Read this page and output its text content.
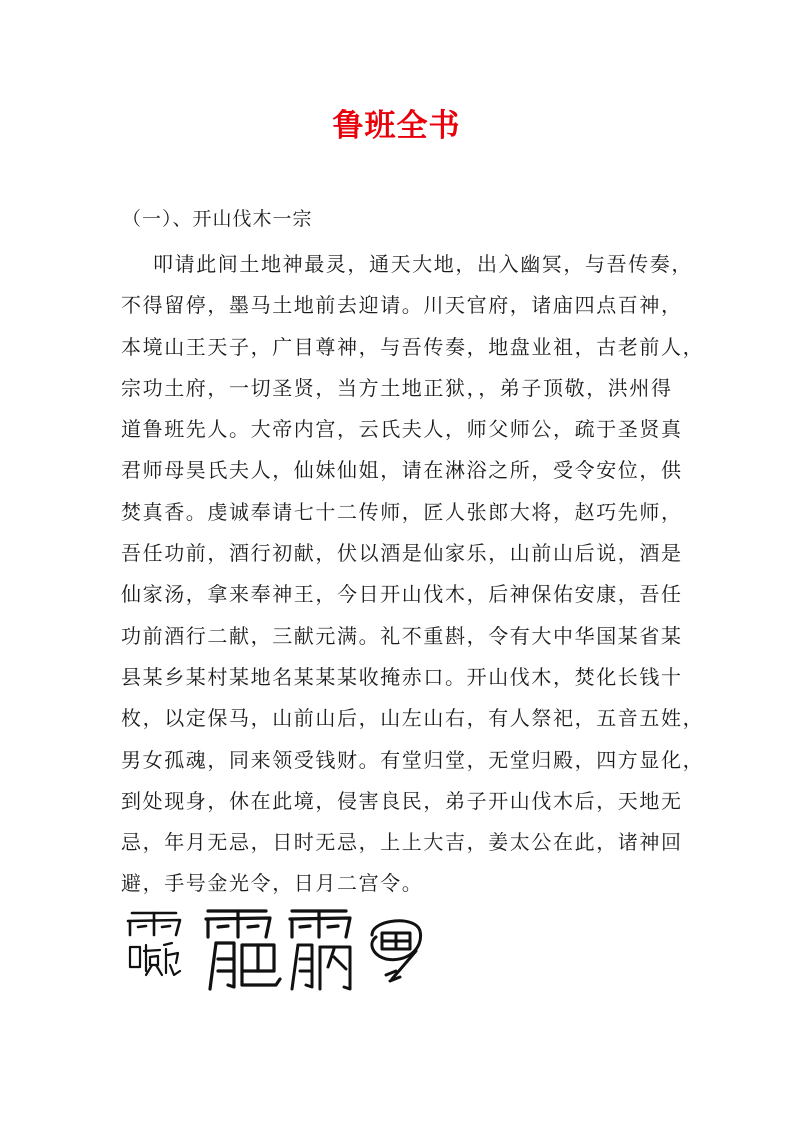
鲁班全书
（一）、开山伐木一宗
叩请此间土地神最灵，通天大地，出入幽冥，与吾传奏，
不得留停，墨马土地前去迎请。川天官府，诸庙四点百神，
本境山王天子，广目尊神，与吾传奏，地盘业祖，古老前人，
宗功土府，一切圣贤，当方土地正狱，，弟子顶敬，洪州得
道鲁班先人。大帝内宫，云氏夫人，师父师公，疏于圣贤真
君师母昊氏夫人，仙妹仙姐，请在淋浴之所，受令安位，供
焚真香。虔诚奉请七十二传师，匠人张郎大将，赵巧先师，
吾任功前，酒行初献，伏以酒是仙家乐，山前山后说，酒是
仙家汤，拿来奉神王，今日开山伐木，后神保佑安康，吾任
功前酒行二献，三献元满。礼不重斟，令有大中华国某省某
县某乡某村某地名某某某收掩赤口。开山伐木，焚化长钱十
枚，以定保马，山前山后，山左山右，有人祭祀，五音五姓，
男女孤魂，同来领受钱财。有堂归堂，无堂归殿，四方显化，
到处现身，休在此境，侵害良民，弟子开山伐木后，天地无
忌，年月无忌，日时无忌，上上大吉，姜太公在此，诸神回
避，手号金光令，日月二宫令。
